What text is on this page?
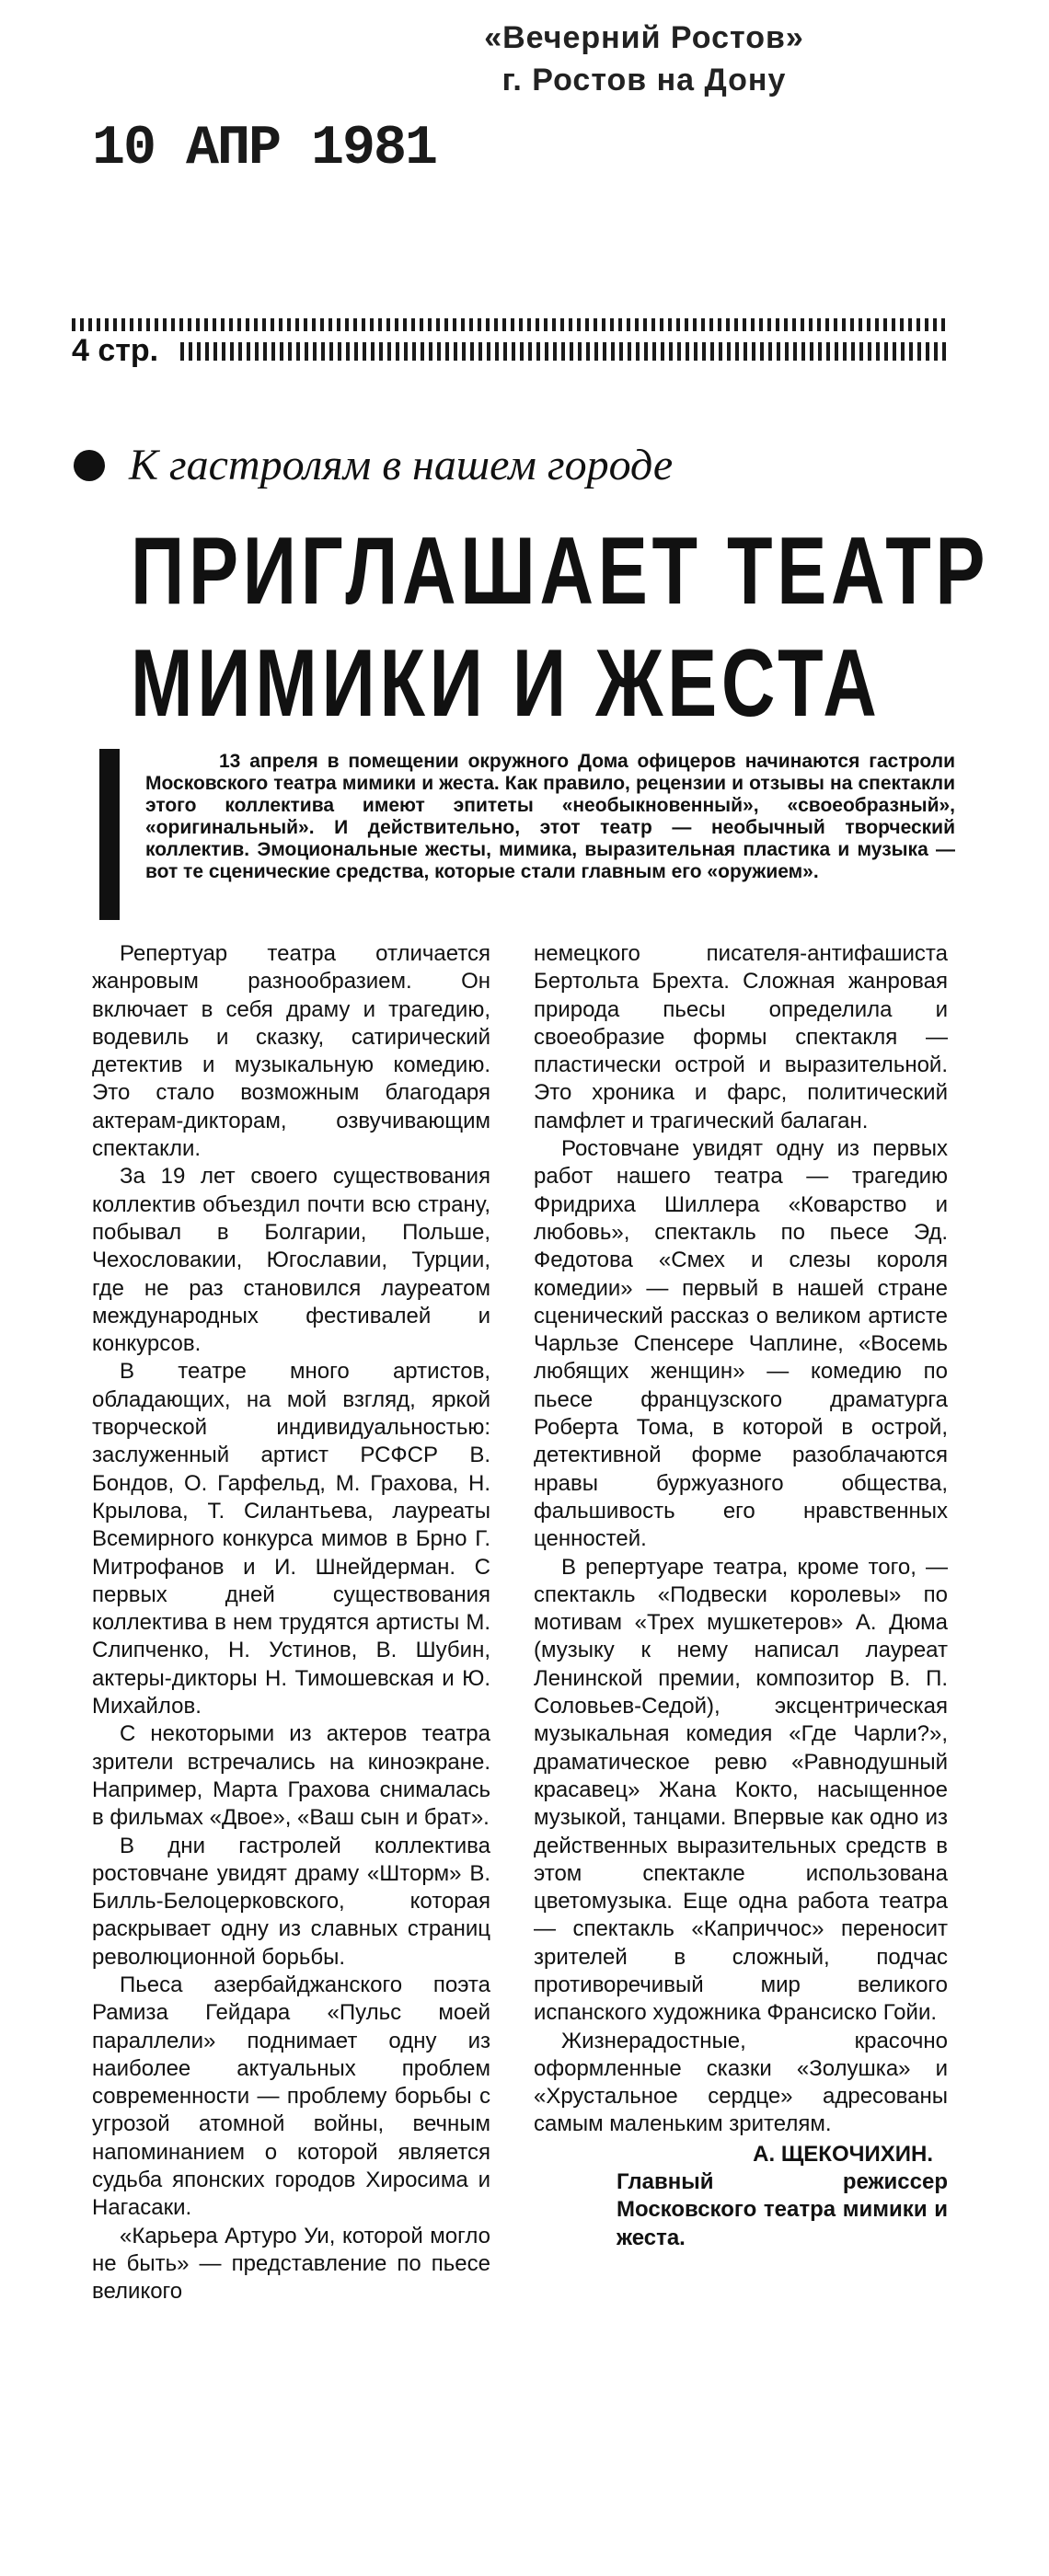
«Вечерний Ростов»
г. Ростов на Дону
10 АПР 1981
4 стр.
К гастролям в нашем городе
ПРИГЛАШАЕТ ТЕАТР
МИМИКИ И ЖЕСТА
13 апреля в помещении окружного Дома офицеров начинаются гастроли Московского театра мимики и жеста. Как правило, рецензии и отзывы на спектакли этого коллектива имеют эпитеты «необыкновенный», «своеобразный», «оригинальный». И действительно, этот театр — необычный творческий коллектив. Эмоциональные жесты, мимика, выразительная пластика и музыка — вот те сценические средства, которые стали главным его «оружием».

Репертуар театра отличается жанровым разнообразием. Он включает в себя драму и трагедию, водевиль и сказку, сатирический детектив и музыкальную комедию. Это стало возможным благодаря актерам-дикторам, озвучивающим спектакли.

За 19 лет своего существования коллектив объездил почти всю страну, побывал в Болгарии, Польше, Чехословакии, Югославии, Турции, где не раз становился лауреатом международных фестивалей и конкурсов.

В театре много артистов, обладающих, на мой взгляд, яркой творческой индивидуальностью: заслуженный артист РСФСР В. Бондов, О. Гарфельд, М. Грахова, Н. Крылова, Т. Силантьева, лауреаты Всемирного конкурса мимов в Брно Г. Митрофанов и И. Шнейдерман. С первых дней существования коллектива в нем трудятся артисты М. Слипченко, Н. Устинов, В. Шубин, актеры-дикторы Н. Тимошевская и Ю. Михайлов.

С некоторыми из актеров театра зрители встречались на киноэкране. Например, Марта Грахова снималась в фильмах «Двое», «Ваш сын и брат».

В дни гастролей коллектива ростовчане увидят драму «Шторм» В. Билль-Белоцерковского, которая раскрывает одну из славных страниц революционной борьбы.

Пьеса азербайджанского поэта Рамиза Гейдара «Пульс моей параллели» поднимает одну из наиболее актуальных проблем современности — проблему борьбы с угрозой атомной войны, вечным напоминанием о которой является судьба японских городов Хиросима и Нагасаки.

«Карьера Артуро Уи, которой могло не быть» — представление по пьесе великого

немецкого писателя-антифашиста Бертольта Брехта. Сложная жанровая природа пьесы определила и своеобразие формы спектакля — пластически острой и выразительной. Это хроника и фарс, политический памфлет и трагический балаган.

Ростовчане увидят одну из первых работ нашего театра — трагедию Фридриха Шиллера «Коварство и любовь», спектакль по пьесе Эд. Федотова «Смех и слезы короля комедии» — первый в нашей стране сценический рассказ о великом артисте Чарльзе Спенсере Чаплине, «Восемь любящих женщин» — комедию по пьесе французского драматурга Роберта Тома, в которой в острой, детективной форме разоблачаются нравы буржуазного общества, фальшивость его нравственных ценностей.

В репертуаре театра, кроме того, — спектакль «Подвески королевы» по мотивам «Трех мушкетеров» А. Дюма (музыку к нему написал лауреат Ленинской премии, композитор В. П. Соловьев-Седой), эксцентрическая музыкальная комедия «Где Чарли?», драматическое ревю «Равнодушный красавец» Жана Кокто, насыщенное музыкой, танцами. Впервые как одно из действенных выразительных средств в этом спектакле использована цветомузыка. Еще одна работа театра — спектакль «Каприччос» переносит зрителей в сложный, подчас противоречивый мир великого испанского художника Франсиско Гойи.

Жизнерадостные, красочно оформленные сказки «Золушка» и «Хрустальное сердце» адресованы самым маленьким зрителям.

А. ЩЕКОЧИХИН.

Главный режиссер Московского театра мимики и жеста.
